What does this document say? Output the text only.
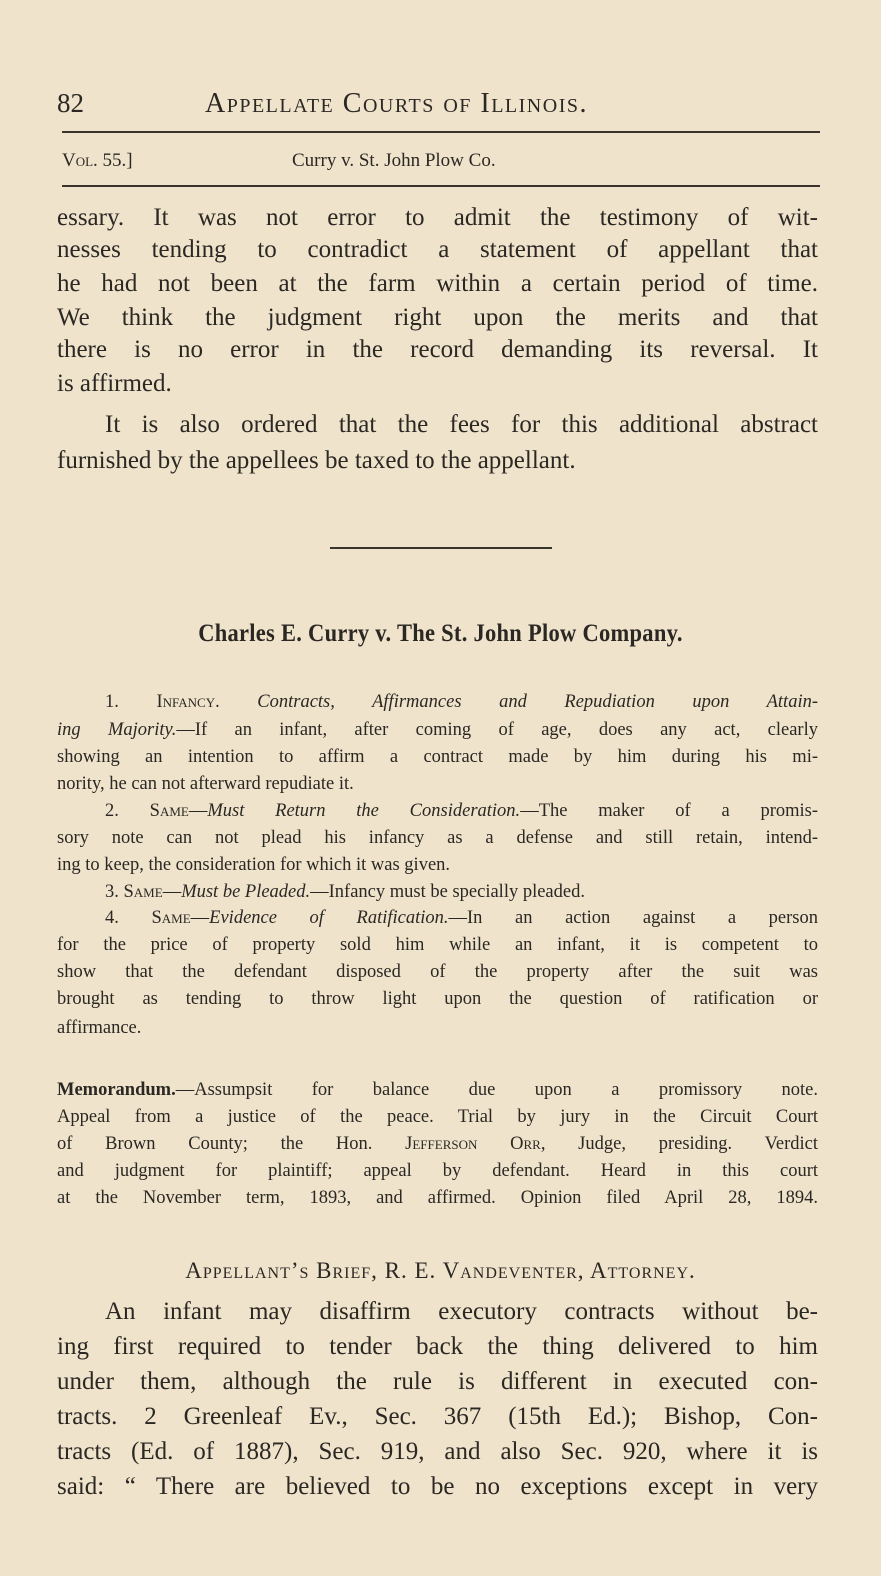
82	Appellate Courts of Illinois.
Vol. 55.]	Curry v. St. John Plow Co.
essary. It was not error to admit the testimony of wit-
nesses tending to contradict a statement of appellant that
he had not been at the farm within a certain period of time.
We think the judgment right upon the merits and that
there is no error in the record demanding its reversal. It
is affirmed.
It is also ordered that the fees for this additional abstract
furnished by the appellees be taxed to the appellant.
Charles E. Curry v. The St. John Plow Company.
1. Infancy. Contracts, Affirmances and Repudiation upon Attain-
ing Majority.—If an infant, after coming of age, does any act, clearly
showing an intention to affirm a contract made by him during his mi-
nority, he can not afterward repudiate it.
2. Same—Must Return the Consideration.—The maker of a promis-
sory note can not plead his infancy as a defense and still retain, intend-
ing to keep, the consideration for which it was given.
3. Same—Must be Pleaded.—Infancy must be specially pleaded.
4. Same—Evidence of Ratification.—In an action against a person
for the price of property sold him while an infant, it is competent to
show that the defendant disposed of the property after the suit was
brought as tending to throw light upon the question of ratification or
affirmance.
Memorandum.—Assumpsit for balance due upon a promissory note.
Appeal from a justice of the peace. Trial by jury in the Circuit Court
of Brown County; the Hon. Jefferson Orr, Judge, presiding. Verdict
and judgment for plaintiff; appeal by defendant. Heard in this court
at the November term, 1893, and affirmed. Opinion filed April 28, 1894.
Appellant’s Brief, R. E. Vandeventer, Attorney.
An infant may disaffirm executory contracts without be-
ing first required to tender back the thing delivered to him
under them, although the rule is different in executed con-
tracts. 2 Greenleaf Ev., Sec. 367 (15th Ed.); Bishop, Con-
tracts (Ed. of 1887), Sec. 919, and also Sec. 920, where it is
said: “ There are believed to be no exceptions except in very
